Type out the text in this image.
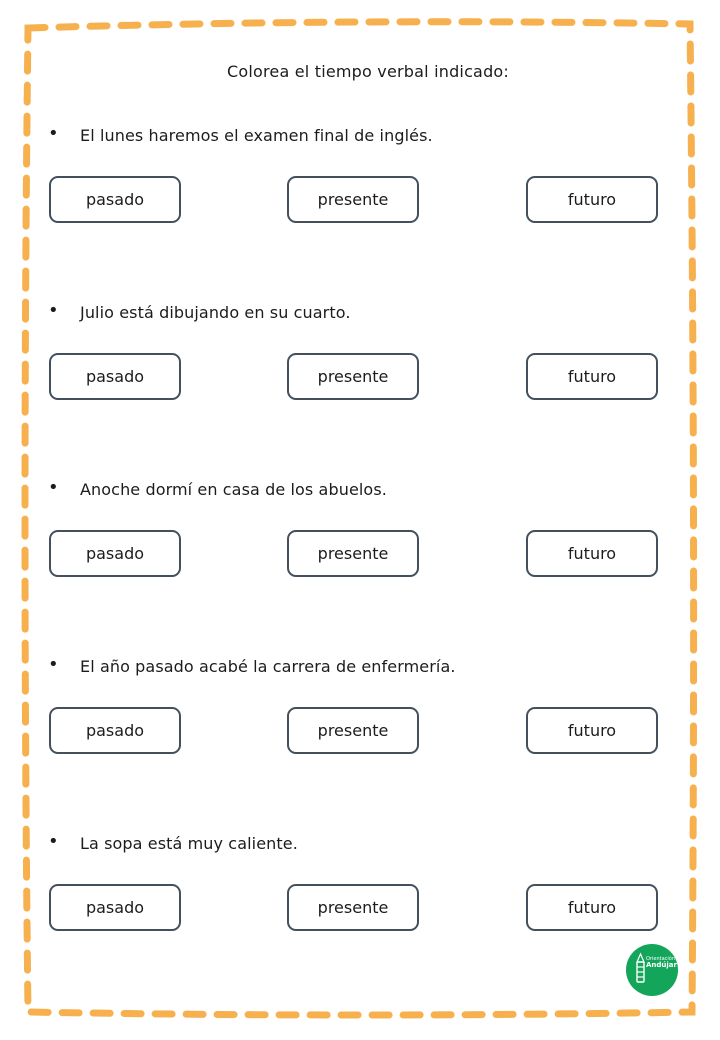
Colorea el tiempo verbal indicado:
• El lunes haremos el examen final de inglés.
pasado	presente	futuro
• Julio está dibujando en su cuarto.
pasado	presente	futuro
• Anoche dormí en casa de los abuelos.
pasado	presente	futuro
• El año pasado acabé la carrera de enfermería.
pasado	presente	futuro
• La sopa está muy caliente.
pasado	presente	futuro
Orientación
Andújar
